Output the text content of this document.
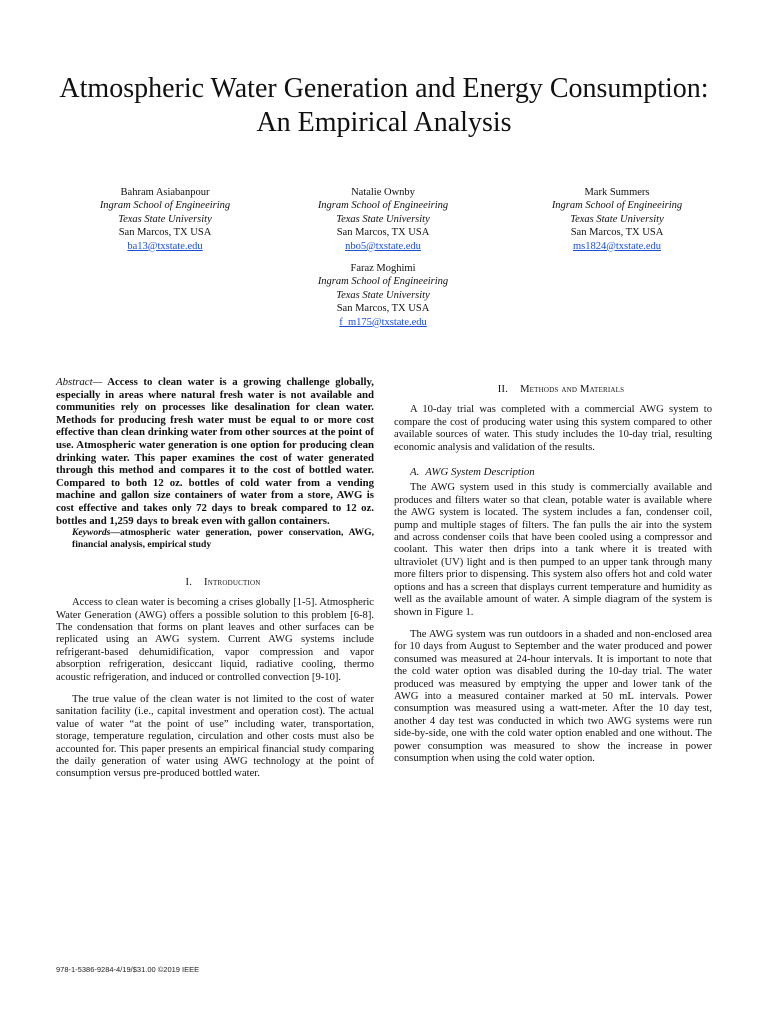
Atmospheric Water Generation and Energy Consumption: An Empirical Analysis
Bahram Asiabanpour
Ingram School of Engineeiring
Texas State University
San Marcos, TX USA
ba13@txstate.edu
Natalie Ownby
Ingram School of Engineeiring
Texas State University
San Marcos, TX USA
nbo5@txstate.edu
Mark Summers
Ingram School of Engineeiring
Texas State University
San Marcos, TX USA
ms1824@txstate.edu
Faraz Moghimi
Ingram School of Engineeiring
Texas State University
San Marcos, TX USA
f_m175@txstate.edu

Abstract— Access to clean water is a growing challenge globally, especially in areas where natural fresh water is not available and communities rely on processes like desalination for clean water. Methods for producing fresh water must be equal to or more cost effective than clean drinking water from other sources at the point of use. Atmospheric water generation is one option for producing clean drinking water. This paper examines the cost of water generated through this method and compares it to the cost of bottled water. Compared to both 12 oz. bottles of cold water from a vending machine and gallon size containers of water from a store, AWG is cost effective and takes only 72 days to break compared to 12 oz. bottles and 1,259 days to break even with gallon containers.

Keywords—atmospheric water generation, power conservation, AWG, financial analysis, empirical study

I. Introduction

Access to clean water is becoming a crises globally [1-5]. Atmospheric Water Generation (AWG) offers a possible solution to this problem [6-8]. The condensation that forms on plant leaves and other surfaces can be replicated using an AWG system. Current AWG systems include refrigerant-based dehumidification, vapor compression and vapor absorption refrigeration, desiccant liquid, radiative cooling, thermo acoustic refrigeration, and induced or controlled convection [9-10].

The true value of the clean water is not limited to the cost of water sanitation facility (i.e., capital investment and operation cost). The actual value of water “at the point of use” including water, transportation, storage, temperature regulation, circulation and other costs must also be accounted for. This paper presents an empirical financial study comparing the daily generation of water using AWG technology at the point of consumption versus pre-produced bottled water.

II. Methods and Materials

A 10-day trial was completed with a commercial AWG system to compare the cost of producing water using this system compared to other available sources of water. This study includes the 10-day trial, resulting economic analysis and validation of the results.

A. AWG System Description

The AWG system used in this study is commercially available and produces and filters water so that clean, potable water is available where the AWG system is located. The system includes a fan, condenser coil, pump and multiple stages of filters. The fan pulls the air into the system and across condenser coils that have been cooled using a compressor and coolant. This water then drips into a tank where it is treated with ultraviolet (UV) light and is then pumped to an upper tank through many more filters prior to dispensing. This system also offers hot and cold water options and has a screen that displays current temperature and humidity as well as the available amount of water. A simple diagram of the system is shown in Figure 1.

The AWG system was run outdoors in a shaded and non-enclosed area for 10 days from August to September and the water produced and power consumed was measured at 24-hour intervals. It is important to note that the cold water option was disabled during the 10-day trial. The water produced was measured by emptying the upper and lower tank of the AWG into a measured container marked at 50 mL intervals. Power consumption was measured using a watt-meter. After the 10 day test, another 4 day test was conducted in which two AWG systems were run side-by-side, one with the cold water option enabled and one without. The power consumption was measured to show the increase in power consumption when using the cold water option.

978-1-5386-9284-4/19/$31.00 ©2019 IEEE
